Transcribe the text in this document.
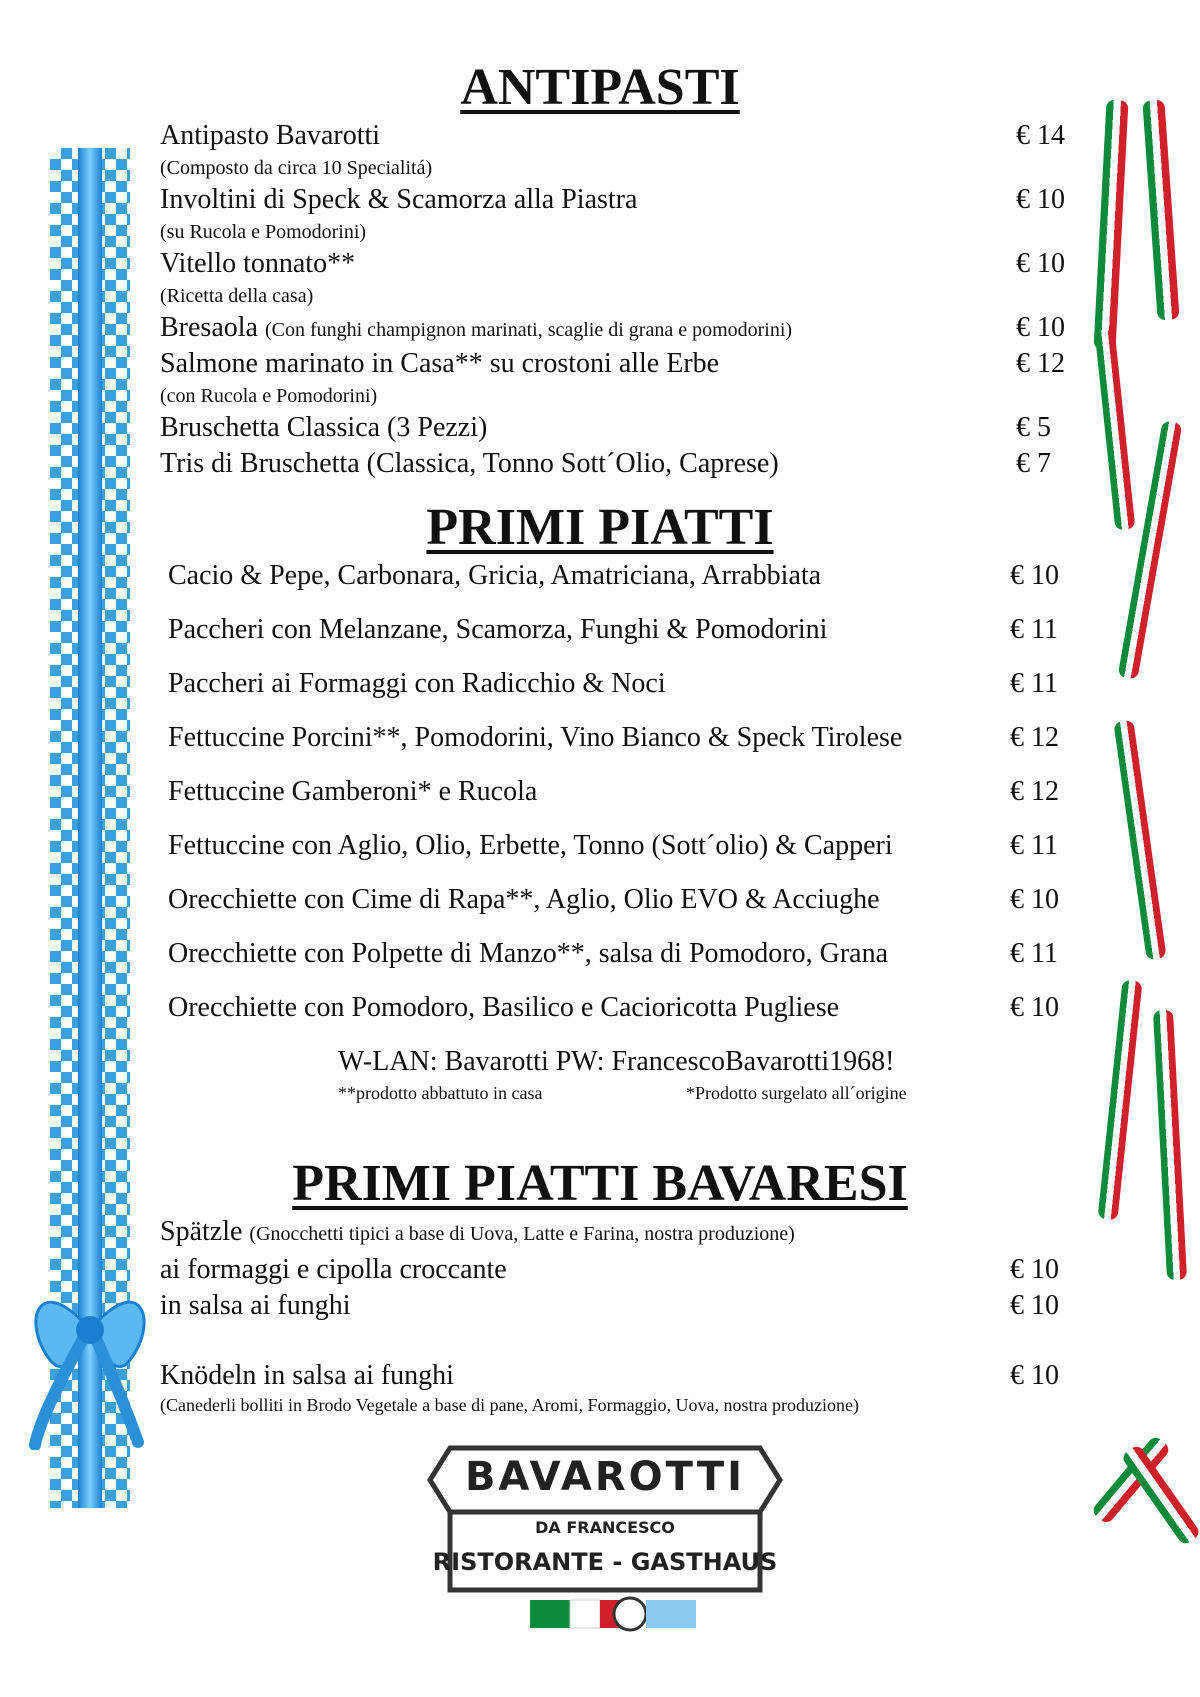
ANTIPASTI
Antipasto Bavarotti	€ 14
(Composto da circa 10 Specialitá)
Involtini di Speck & Scamorza alla Piastra	€ 10
(su Rucola e Pomodorini)
Vitello tonnato**	€ 10
(Ricetta della casa)
Bresaola (Con funghi champignon marinati, scaglie di grana e pomodorini)	€ 10
Salmone marinato in Casa** su crostoni alle Erbe	€ 12
(con Rucola e Pomodorini)
Bruschetta Classica (3 Pezzi)	€ 5
Tris di Bruschetta (Classica, Tonno Sott´Olio, Caprese)	€ 7
PRIMI PIATTI
Cacio & Pepe, Carbonara, Gricia, Amatriciana, Arrabbiata	€ 10
Paccheri con Melanzane, Scamorza, Funghi & Pomodorini	€ 11
Paccheri ai Formaggi con Radicchio & Noci	€ 11
Fettuccine Porcini**, Pomodorini, Vino Bianco & Speck Tirolese	€ 12
Fettuccine Gamberoni* e Rucola	€ 12
Fettuccine con Aglio, Olio, Erbette, Tonno (Sott´olio) & Capperi	€ 11
Orecchiette con Cime di Rapa**, Aglio, Olio EVO & Acciughe	€ 10
Orecchiette con Polpette di Manzo**, salsa di Pomodoro, Grana	€ 11
Orecchiette con Pomodoro, Basilico e Cacioricotta Pugliese	€ 10
W-LAN: Bavarotti PW: FrancescoBavarotti1968!
**prodotto abbattuto in casa	*Prodotto surgelato all´origine
PRIMI PIATTI BAVARESI
Spätzle (Gnocchetti tipici a base di Uova, Latte e Farina, nostra produzione)
ai formaggi e cipolla croccante	€ 10
in salsa ai funghi	€ 10
Knödeln in salsa ai funghi	€ 10
(Canederli bolliti in Brodo Vegetale a base di pane, Aromi, Formaggio, Uova, nostra produzione)
BAVAROTTI
DA FRANCESCO
RISTORANTE - GASTHAUS
